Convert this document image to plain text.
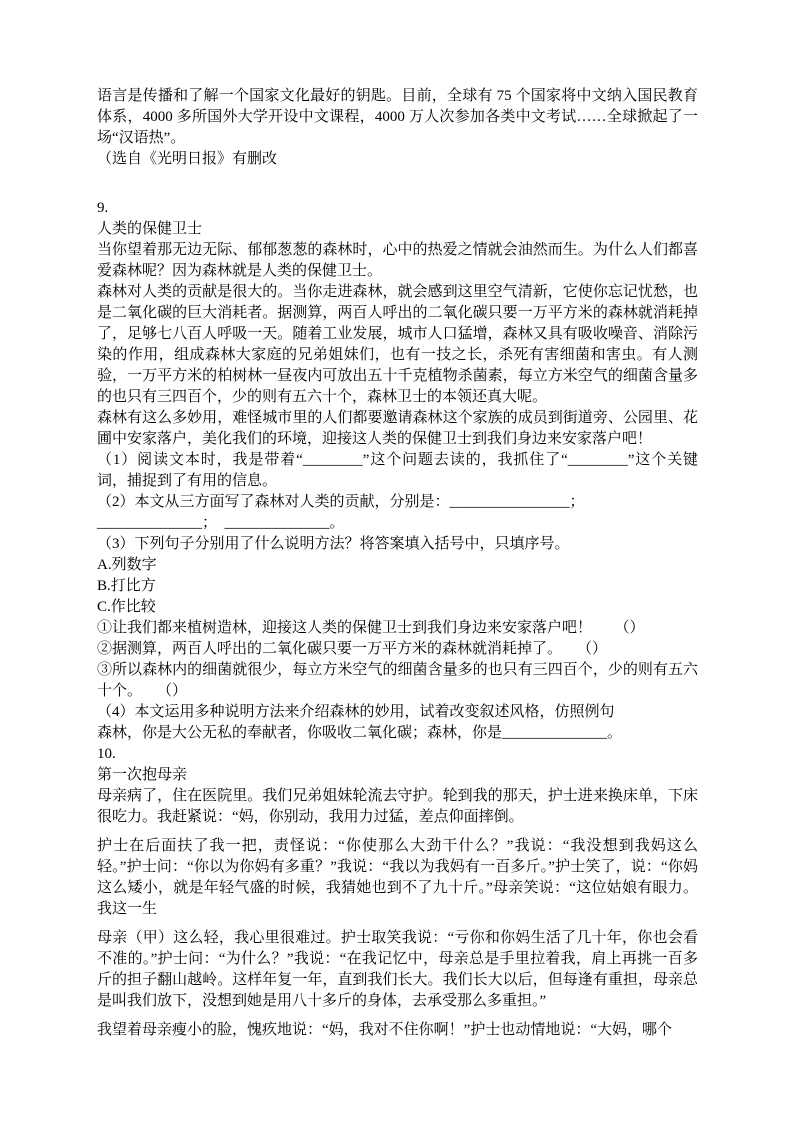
语言是传播和了解一个国家文化最好的钥匙。目前，全球有 75 个国家将中文纳入国民教育体系，4000 多所国外大学开设中文课程，4000 万人次参加各类中文考试……全球掀起了一场“汉语热”。

（选自《光明日报》有删改

9.

人类的保健卫士

当你望着那无边无际、郁郁葱葱的森林时，心中的热爱之情就会油然而生。为什么人们都喜爱森林呢？因为森林就是人类的保健卫士。

森林对人类的贡献是很大的。当你走进森林，就会感到这里空气清新，它使你忘记忧愁，也是二氧化碳的巨大消耗者。据测算，两百人呼出的二氧化碳只要一万平方米的森林就消耗掉了，足够七八百人呼吸一天。随着工业发展，城市人口猛增，森林又具有吸收噪音、消除污染的作用，组成森林大家庭的兄弟姐妹们，也有一技之长，杀死有害细菌和害虫。有人测验，一万平方米的柏树林一昼夜内可放出五十千克植物杀菌素，每立方米空气的细菌含量多的也只有三四百个，少的则有五六十个，森林卫士的本领还真大呢。

森林有这么多妙用，难怪城市里的人们都要邀请森林这个家族的成员到街道旁、公园里、花圃中安家落户，美化我们的环境，迎接这人类的保健卫士到我们身边来安家落户吧！

（1）阅读文本时，我是带着“________”这个问题去读的，我抓住了“________”这个关键词，捕捉到了有用的信息。

（2）本文从三方面写了森林对人类的贡献，分别是：________________；

______________；　______________。

（3）下列句子分别用了什么说明方法？将答案填入括号中，只填序号。

A.列数字

B.打比方

C.作比较

①让我们都来植树造林，迎接这人类的保健卫士到我们身边来安家落户吧！　　（）

②据测算，两百人呼出的二氧化碳只要一万平方米的森林就消耗掉了。　　（）

③所以森林内的细菌就很少，每立方米空气的细菌含量多的也只有三四百个，少的则有五六十个。　　（）

（4）本文运用多种说明方法来介绍森林的妙用，试着改变叙述风格，仿照例句

森林，你是大公无私的奉献者，你吸收二氧化碳；森林，你是______________。

10.

第一次抱母亲

母亲病了，住在医院里。我们兄弟姐妹轮流去守护。轮到我的那天，护士进来换床单，下床很吃力。我赶紧说：“妈，你别动，我用力过猛，差点仰面摔倒。

护士在后面扶了我一把，责怪说：“你使那么大劲干什么？”我说：“我没想到我妈这么轻。”护士问：“你以为你妈有多重？”我说：“我以为我妈有一百多斤。”护士笑了，说：“你妈这么矮小，就是年轻气盛的时候，我猜她也到不了九十斤。”母亲笑说：“这位姑娘有眼力。我这一生

母亲（甲）这么轻，我心里很难过。护士取笑我说：“亏你和你妈生活了几十年，你也会看不准的。”护士问：“为什么？”我说：“在我记忆中，母亲总是手里拉着我，肩上再挑一百多斤的担子翻山越岭。这样年复一年，直到我们长大。我们长大以后，但每逢有重担，母亲总是叫我们放下，没想到她是用八十多斤的身体，去承受那么多重担。”

我望着母亲瘦小的脸，愧疚地说：“妈，我对不住你啊！”护士也动情地说：“大妈，哪个
